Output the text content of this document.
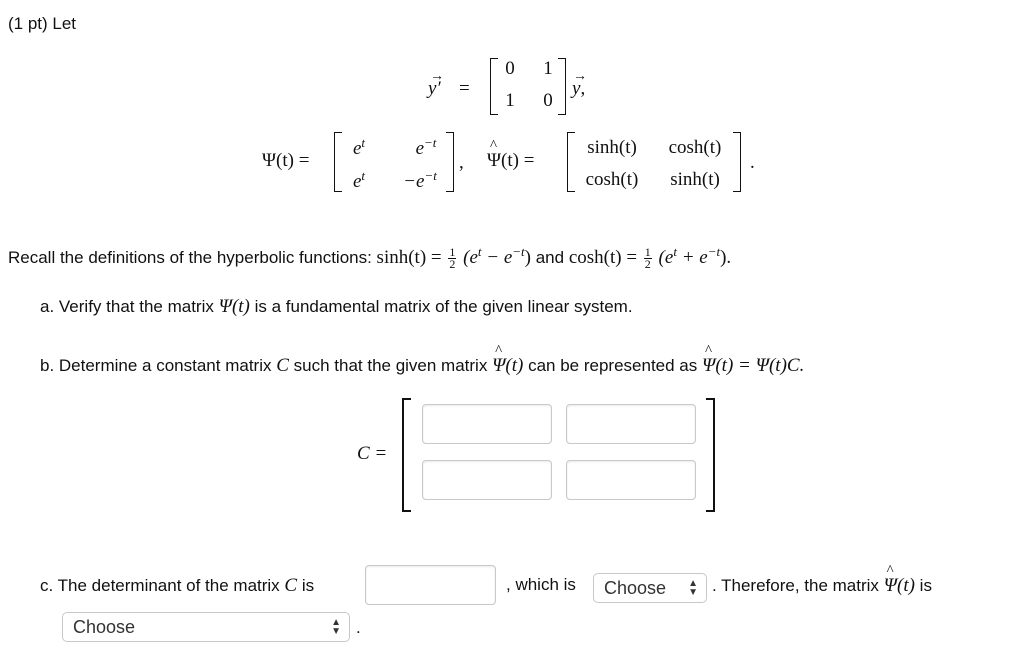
(1 pt) Let
y′
→
=
0 1
1 0
y,
→
Ψ(t) =
$e^t$	$e^{-t}$
$e^t$	$-e^{-t}$
,
^ Ψ(t) =
sinh(t)	cosh(t)
cosh(t)	sinh(t)
.
Recall the definitions of the hyperbolic functions: $\sinh(t) = \frac{1}{2} (e^t - e^{-t})$ and $\cosh(t) = \frac{1}{2} (e^t + e^{-t})$.
a. Verify that the matrix Ψ(t) is a fundamental matrix of the given linear system.
b. Determine a constant matrix C such that the given matrix ^ Ψ(t) can be represented as ^ Ψ(t) = Ψ(t)C.
C =
c. The determinant of the matrix C is	, which is	Choose ▲
▼ . Therefore, the matrix ^ Ψ(t) is
Choose	▲
▼ .
